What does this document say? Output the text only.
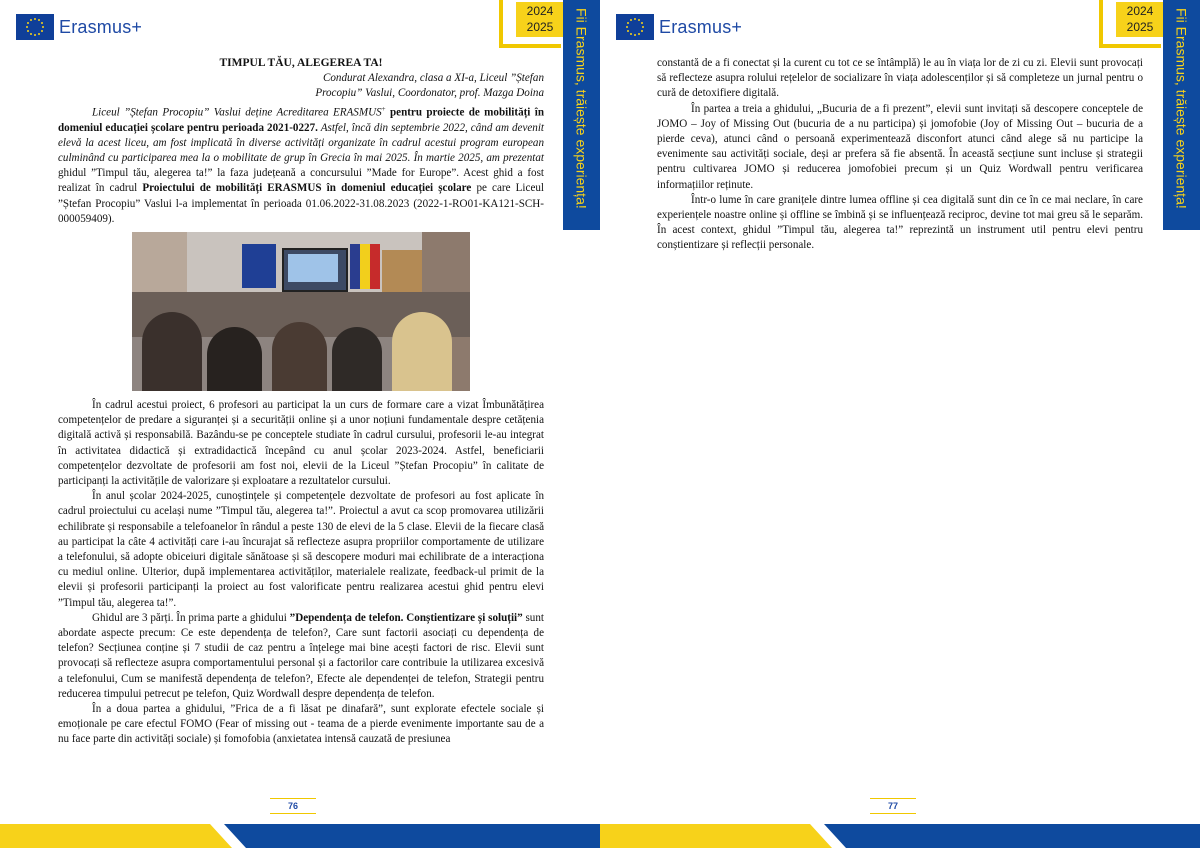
Erasmus+
2024
2025	Fii Erasmus, trăiește experiența!

TIMPUL TĂU, ALEGEREA TA!

Condurat Alexandra, clasa a XI-a, Liceul ”Ștefan

Procopiu” Vaslui, Coordonator, prof. Mazga Doina

Liceul ”Ștefan Procopiu” Vaslui deține Acreditarea ERASMUS+ pentru proiecte de mobilități în domeniul educației școlare pentru perioada 2021-0227. Astfel, încă din septembrie 2022, când am devenit elevă la acest liceu, am fost implicată în diverse activități organizate în cadrul acestui program european culminând cu participarea mea la o mobilitate de grup în Grecia în mai 2025. În martie 2025, am prezentat ghidul ”Timpul tău, alegerea ta!” la faza județeană a concursului ”Made for Europe”. Acest ghid a fost realizat în cadrul Proiectului de mobilități ERASMUS în domeniul educației școlare pe care Liceul ”Ștefan Procopiu” Vaslui l-a implementat în perioada 01.06.2022-31.08.2023 (2022-1-RO01-KA121-SCH-000059409).

În cadrul acestui proiect, 6 profesori au participat la un curs de formare care a vizat Îmbunătățirea competențelor de predare a siguranței și a securității online și a unor noțiuni fundamentale despre cetățenia digitală activă și responsabilă. Bazându-se pe conceptele studiate în cadrul cursului, profesorii le-au integrat în activitatea didactică și extradidactică începând cu anul școlar 2023-2024. Astfel, beneficiarii competențelor dezvoltate de profesorii am fost noi, elevii de la Liceul ”Ștefan Procopiu” în calitate de participanți la activitățile de valorizare și exploatare a rezultatelor cursului.

În anul școlar 2024-2025, cunoștințele și competențele dezvoltate de profesori au fost aplicate în cadrul proiectului cu același nume ”Timpul tău, alegerea ta!”. Proiectul a avut ca scop promovarea utilizării echilibrate și responsabile a telefoanelor în rândul a peste 130 de elevi de la 5 clase. Elevii de la fiecare clasă au participat la câte 4 activități care i-au încurajat să reflecteze asupra propriilor comportamente de utilizare a telefonului, să adopte obiceiuri digitale sănătoase și să descopere moduri mai echilibrate de a interacționa cu mediul online. Ulterior, după implementarea activităților, materialele realizate, feedback-ul primit de la elevii și profesorii participanți la proiect au fost valorificate pentru realizarea acestui ghid pentru elevi ”Timpul tău, alegerea ta!”.

Ghidul are 3 părți. În prima parte a ghidului ”Dependența de telefon. Conștientizare și soluții” sunt abordate aspecte precum: Ce este dependența de telefon?, Care sunt factorii asociați cu dependența de telefon? Secțiunea conține și 7 studii de caz pentru a înțelege mai bine acești factori de risc. Elevii sunt provocați să reflecteze asupra comportamentului personal și a factorilor care contribuie la utilizarea excesivă a telefonului, Cum se manifestă dependența de telefon?, Efecte ale dependenței de telefon, Strategii pentru reducerea timpului petrecut pe telefon, Quiz Wordwall despre dependența de telefon.

În a doua partea a ghidului, ”Frica de a fi lăsat pe dinafară”, sunt explorate efectele sociale și emoționale pe care efectul FOMO (Fear of missing out - teama de a pierde evenimente importante sau de a nu face parte din activități sociale) și fomofobia (anxietatea intensă cauzată de presiunea

76
Erasmus+
2024
2025	Fii Erasmus, trăiește experiența!

constantă de a fi conectat și la curent cu tot ce se întâmplă) le au în viața lor de zi cu zi. Elevii sunt provocați să reflecteze asupra rolului rețelelor de socializare în viața adolescenților și să completeze un jurnal pentru o cură de detoxifiere digitală.

În partea a treia a ghidului, „Bucuria de a fi prezent”, elevii sunt invitați să descopere conceptele de JOMO – Joy of Missing Out (bucuria de a nu participa) și jomofobie (Joy of Missing Out – bucuria de a pierde ceva), atunci când o persoană experimentează disconfort atunci când alege să nu participe la evenimente sau activități sociale, deși ar prefera să fie absentă. În această secțiune sunt incluse și strategii pentru cultivarea JOMO și reducerea jomofobiei precum și un Quiz Wordwall pentru verificarea informațiilor reținute.

Într-o lume în care granițele dintre lumea offline și cea digitală sunt din ce în ce mai neclare, în care experiențele noastre online și offline se îmbină și se influențează reciproc, devine tot mai greu să le separăm. În acest context, ghidul ”Timpul tău, alegerea ta!” reprezintă un instrument util pentru elevi pentru conștientizare și reflecții personale.

77
